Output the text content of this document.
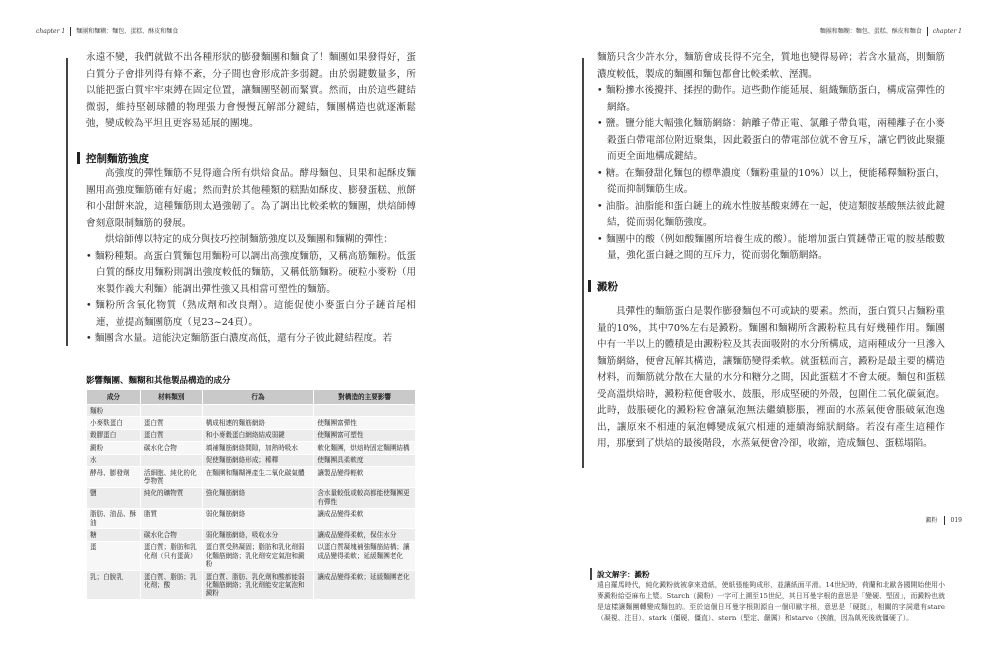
chapter 1 麵團和麵糊：麵包、蛋糕、酥皮和麵食	麵團和麵糊：麵包、蛋糕、酥皮和麵食 chapter 1

永遠不變，我們就做不出各種形狀的膨發麵團和麵食了！麵團如果發得好，蛋白質分子會排列得有條不紊，分子間也會形成許多弱鍵。由於弱鍵數量多，所以能把蛋白質牢牢束縛在固定位置，讓麵團堅韌而緊實。然而，由於這些鍵結微弱，維持堅韌球體的物理張力會慢慢瓦解部分鍵結，麵團構造也就逐漸鬆弛，變成較為平坦且更容易延展的團塊。

控制麵筋強度

高強度的彈性麵筋不見得適合所有烘焙食品。酵母麵包、貝果和起酥皮麵團用高強度麵筋確有好處；然而對於其他種類的糕點如酥皮、膨發蛋糕、煎餅和小甜餅來說，這種麵筋則太過強韌了。為了調出比較柔軟的麵團，烘焙師傅會刻意限制麵筋的發展。

烘焙師傅以特定的成分與技巧控制麵筋強度以及麵團和麵糊的彈性：

• 麵粉種類。高蛋白質麵包用麵粉可以調出高強度麵筋，又稱高筋麵粉。低蛋白質的酥皮用麵粉則調出強度較低的麵筋，又稱低筋麵粉。硬粒小麥粉（用來製作義大利麵）能調出彈性強又具相當可塑性的麵筋。

• 麵粉所含氧化物質（熟成劑和改良劑）。這能促使小麥蛋白分子鏈首尾相連，並提高麵團筋度（見23~24頁）。

• 麵團含水量。這能決定麵筋蛋白濃度高低，還有分子彼此鍵結程度。若

影響麵團、麵糊和其他製品構造的成分
成分	材料類別	行為	對構造的主要影響
麵粉			
小麥麩蛋白	蛋白質	構成相連的麵筋網絡	使麵團富彈性
穀膠蛋白	蛋白質	和小麥穀蛋白網絡結成弱鍵	使麵團富可塑性
澱粉	碳水化合物	填補麵筋網絡間隙，加熱時吸水	軟化麵團，烘焙時固定麵團結構
水		促使麵筋網絡形成；稀釋	使麵團具柔軟度
酵母、膨發劑	活細胞、純化的化學物質	在麵團和麵糊裡產生二氧化碳氣體	讓製品變得輕軟
鹽	純化的礦物質	強化麵筋網絡	含水量較低或較高都能使麵團更有彈性
脂肪、油品、酥油	脂質	弱化麵筋網絡	讓成品變得柔軟
糖	碳水化合物	弱化麵筋網絡，吸收水分	讓成品變得柔軟，保住水分
蛋	蛋白質；脂肪和乳化劑（只有蛋黃）	蛋白質受熱凝固；脂肪和乳化劑弱化麵筋網絡；乳化劑安定氣泡和澱粉	以蛋白質凝塊補強麵筋結構；讓成品變得柔軟；延緩麵團老化
乳；白脫乳	蛋白質、脂肪；乳化劑；酸	蛋白質、脂肪、乳化劑和酸都能弱化麵筋網絡；乳化劑能安定氣泡和澱粉	讓成品變得柔軟；延緩麵團老化

麵筋只含少許水分，麵筋會成長得不完全，質地也變得易碎；若含水量高，則麵筋濃度較低，製成的麵團和麵包都會比較柔軟、溼潤。

• 麵粉摻水後攪拌、揉捏的動作。這些動作能延展、組織麵筋蛋白，構成富彈性的網絡。

• 鹽。鹽分能大幅強化麵筋網絡：鈉離子帶正電、氯離子帶負電，兩種離子在小麥穀蛋白帶電部位附近聚集，因此穀蛋白的帶電部位就不會互斥，讓它們彼此聚攏而更全面地構成鍵結。

• 糖。在麵發甜化麵包的標準濃度（麵粉重量的10%）以上，便能稀釋麵粉蛋白，從而抑制麵筋生成。

• 油脂。油脂能和蛋白鏈上的疏水性胺基酸束縛在一起，使這類胺基酸無法彼此鍵結，從而弱化麵筋強度。

• 麵團中的酸（例如酸麵團所培養生成的酸）。能增加蛋白質鏈帶正電的胺基酸數量，強化蛋白鏈之間的互斥力，從而弱化麵筋網絡。

澱粉

具彈性的麵筋蛋白是製作膨發麵包不可或缺的要素。然而，蛋白質只占麵粉重量的10%，其中70%左右是澱粉。麵團和麵糊所含澱粉粒具有好幾種作用。麵團中有一半以上的體積是由澱粉粒及其表面吸附的水分所構成，這兩種成分一旦滲入麵筋網絡，便會瓦解其構造，讓麵筋變得柔軟。就蛋糕而言，澱粉是最主要的構造材料，而麵筋就分散在大量的水分和糖分之間，因此蛋糕才不會太硬。麵包和蛋糕受高溫烘焙時，澱粉粒便會吸水、鼓脹，形成堅硬的外殼，包圍住二氧化碳氣泡。此時，鼓脹硬化的澱粉粒會讓氣泡無法繼續膨脹，裡面的水蒸氣便會脹破氣泡逸出，讓原來不相連的氣泡轉變成氣穴相連的連續海綿狀網絡。若沒有產生這種作用，那麼到了烘焙的最後階段，水蒸氣便會冷卻，收縮，造成麵包、蛋糕塌陷。

澱粉 019
說文解字：澱粉

遠自羅馬時代，純化澱粉就被拿來造紙，使紙張能夠成形，並讓紙面平滑。14世紀時，荷蘭和北歐各國開始使用小麥澱粉給亞麻布上漿。Starch（澱粉）一字可上溯至15世紀，其日耳曼字根的意思是「變硬、堅固」，而澱粉也就是這樣讓麵團轉變成麵包的。至於這個日耳曼字根則源自一個印歐字根，意思是「硬挺」，相關的字詞還有stare（凝視、注目）、stark（僵硬、僵直）、stern（堅定、嚴厲）和starve（挨餓，因為飢死後就僵硬了）。
